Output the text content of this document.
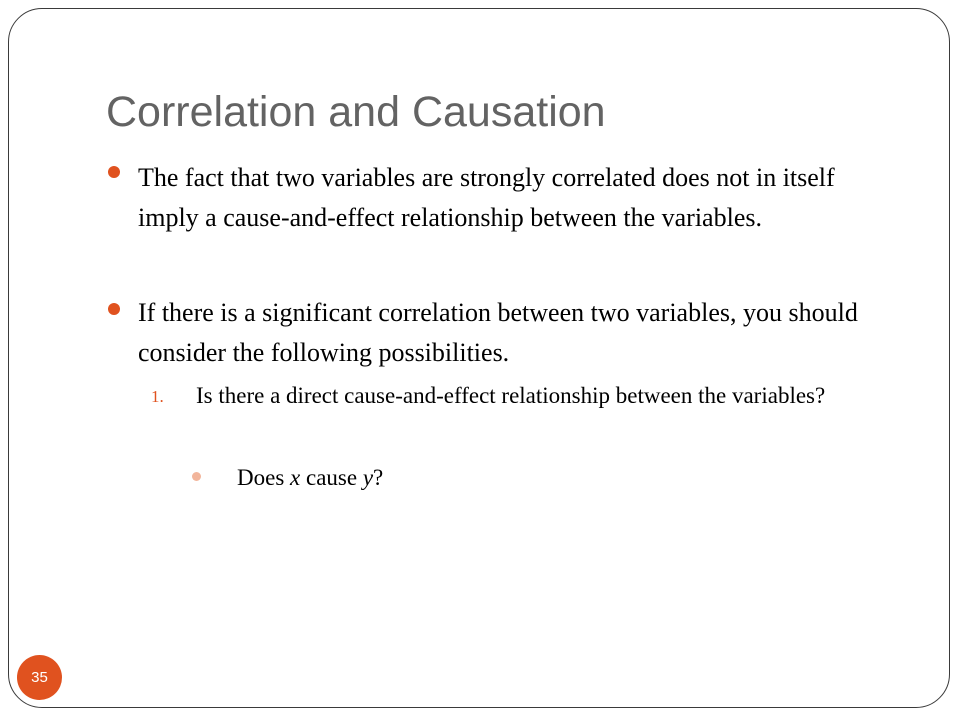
Correlation and Causation

The fact that two variables are strongly correlated does not in itself imply a cause-and-effect relationship between the variables.

If there is a significant correlation between two variables, you should consider the following possibilities.

1. Is there a direct cause-and-effect relationship between the variables?

Does x cause y?

35
